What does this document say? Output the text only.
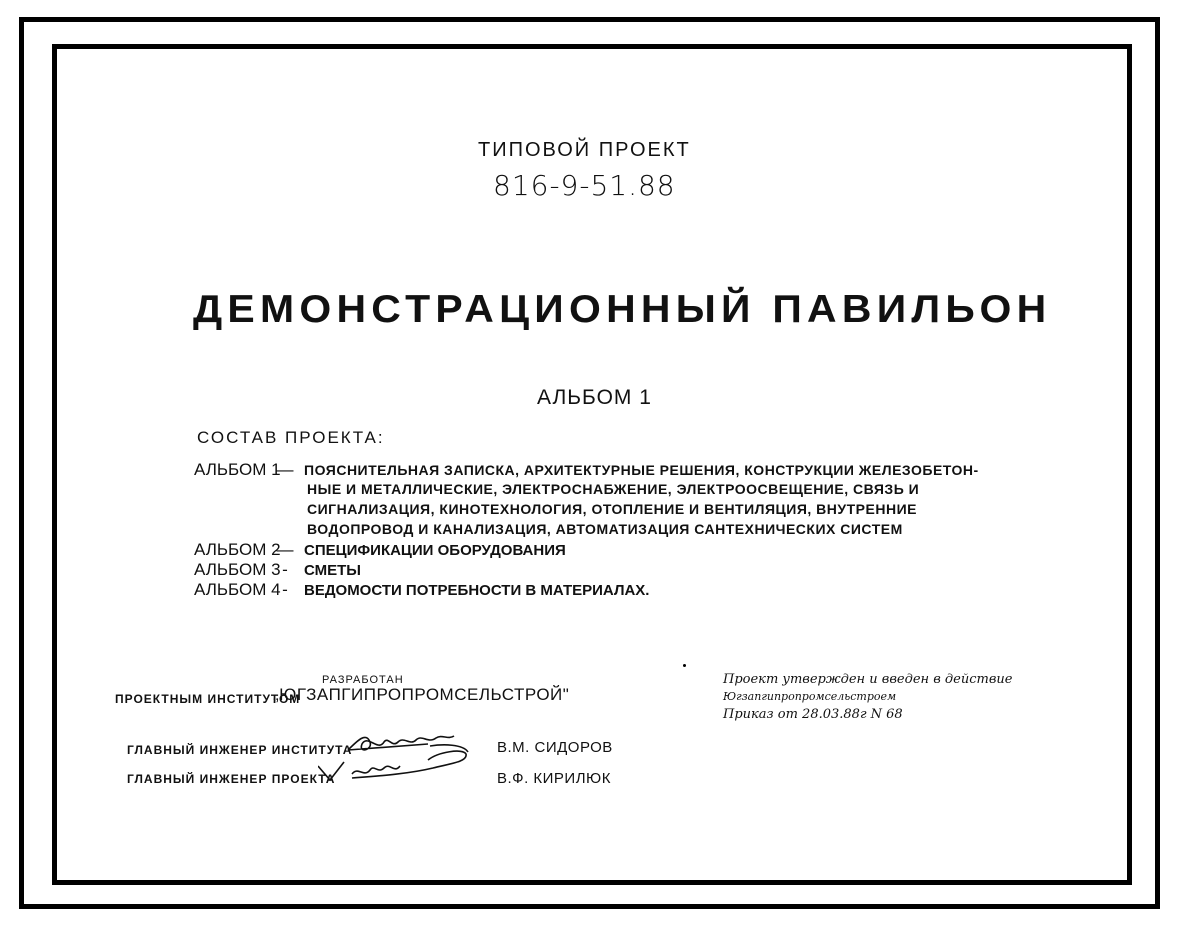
ТИПОВОЙ ПРОЕКТ
816-9-51.88
ДЕМОНСТРАЦИОННЫЙ ПАВИЛЬОН
АЛЬБОМ 1
СОСТАВ ПРОЕКТА:
АЛЬБОМ 1— ПОЯСНИТЕЛЬНАЯ ЗАПИСКА, АРХИТЕКТУРНЫЕ РЕШЕНИЯ, КОНСТРУКЦИИ ЖЕЛЕЗОБЕТОН-
НЫЕ И МЕТАЛЛИЧЕСКИЕ, ЭЛЕКТРОСНАБЖЕНИЕ, ЭЛЕКТРООСВЕЩЕНИЕ, СВЯЗЬ И
СИГНАЛИЗАЦИЯ, КИНОТЕХНОЛОГИЯ, ОТОПЛЕНИЕ И ВЕНТИЛЯЦИЯ, ВНУТРЕННИЕ
ВОДОПРОВОД И КАНАЛИЗАЦИЯ, АВТОМАТИЗАЦИЯ САНТЕХНИЧЕСКИХ СИСТЕМ
АЛЬБОМ 2— СПЕЦИФИКАЦИИ ОБОРУДОВАНИЯ
АЛЬБОМ 3- СМЕТЫ
АЛЬБОМ 4- ВЕДОМОСТИ ПОТРЕБНОСТИ В МАТЕРИАЛАХ.
РАЗРАБОТАН
ПРОЕКТНЫМ ИНСТИТУТОМ
„ЮГЗАПГИПРОПРОМСЕЛЬСТРОЙ"
Проект утвержден и введен в действие
Югзапгипропромсельстроем
Приказ от 28.03.88г N 68
ГЛАВНЫЙ ИНЖЕНЕР ИНСТИТУТА
ГЛАВНЫЙ ИНЖЕНЕР ПРОЕКТА
В.М. СИДОРОВ
В.Ф. КИРИЛЮК
